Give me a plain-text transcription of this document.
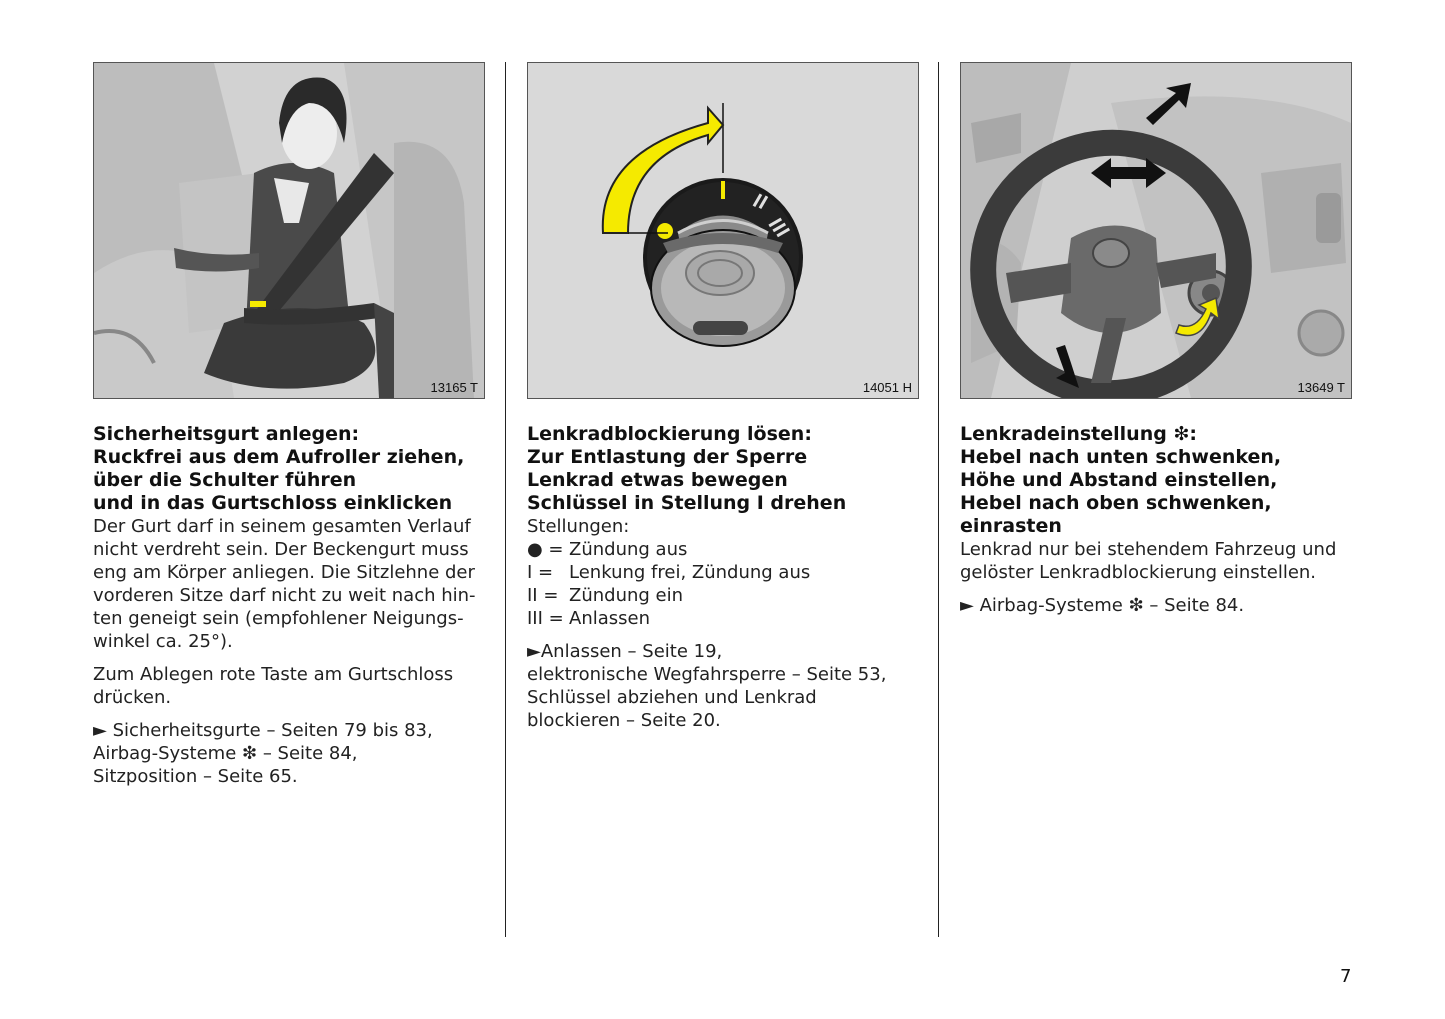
13165 T
Sicherheitsgurt anlegen:
Ruckfrei aus dem Aufroller ziehen,
über die Schulter führen
und in das Gurtschloss einklicken

Der Gurt darf in seinem gesamten Verlauf
nicht verdreht sein. Der Beckengurt muss
eng am Körper anliegen. Die Sitzlehne der
vorderen Sitze darf nicht zu weit nach hin-
ten geneigt sein (empfohlener Neigungs-
winkel ca. 25°).

Zum Ablegen rote Taste am Gurtschloss
drücken.

► Sicherheitsgurte – Seiten 79 bis 83,
Airbag-Systeme ❇ – Seite 84,
Sitzposition – Seite 65.

14051 H
Lenkradblockierung lösen:
Zur Entlastung der Sperre
Lenkrad etwas bewegen
Schlüssel in Stellung I drehen

Stellungen:

● = Zündung aus
I = Lenkung frei, Zündung aus
II = Zündung ein
III = Anlassen

►Anlassen – Seite 19,
elektronische Wegfahrsperre – Seite 53,
Schlüssel abziehen und Lenkrad
blockieren – Seite 20.

13649 T
Lenkradeinstellung ❇:
Hebel nach unten schwenken,
Höhe und Abstand einstellen,
Hebel nach oben schwenken,
einrasten

Lenkrad nur bei stehendem Fahrzeug und
gelöster Lenkradblockierung einstellen.

► Airbag-Systeme ❇ – Seite 84.

7
